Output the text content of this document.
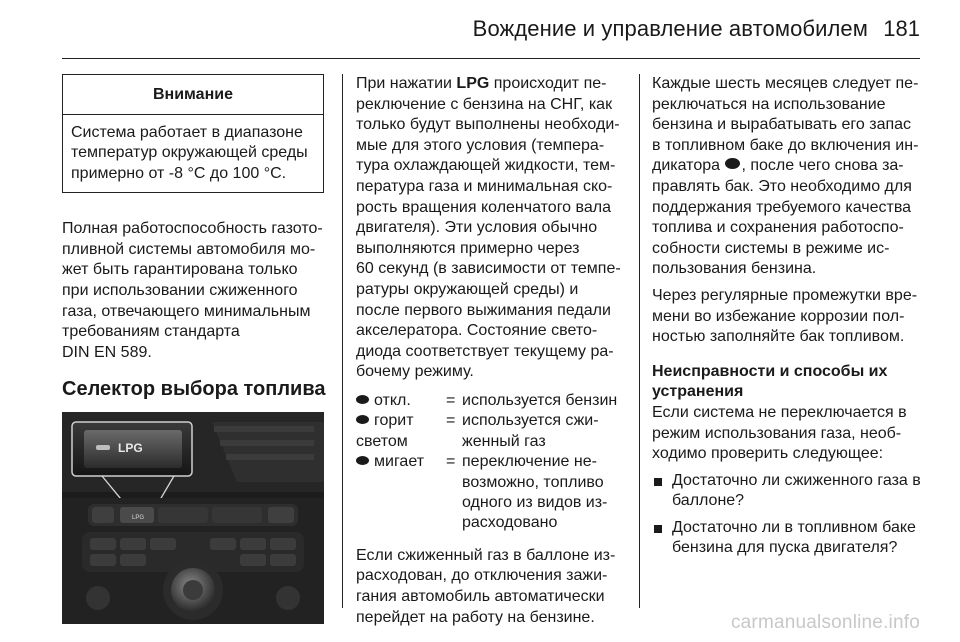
Вождение и управление автомобилем 181
Внимание

Система работает в диапазоне

температур окружающей среды

примерно от -8 °C до 100 °C.

Полная работоспособность газото‐

пливной системы автомобиля мо‐

жет быть гарантирована только

при использовании сжиженного

газа, отвечающего минимальным

требованиям стандарта

DIN EN 589.

Селектор выбора топлива

LPG
LPG

При нажатии LPG происходит пе‐

реключение с бензина на СНГ, как

только будут выполнены необходи‐

мые для этого условия (темпера‐

тура охлаждающей жидкости, тем‐

пература газа и минимальная ско‐

рость вращения коленчатого вала

двигателя). Эти условия обычно

выполняются примерно через

60 секунд (в зависимости от темпе‐

ратуры окружающей среды) и

после первого выжимания педали

акселератора. Состояние свето‐

диода соответствует текущему ра‐

бочему режиму.

откл.	=	используется бензин
горит
светом	=	используется сжи‐
женный газ
мигает	=	переключение не‐
возможно, топливо
одного из видов из‐
расходовано

Если сжиженный газ в баллоне из‐

расходован, до отключения зажи‐

гания автомобиль автоматически

перейдет на работу на бензине.

Каждые шесть месяцев следует пе‐

реключаться на использование

бензина и вырабатывать его запас

в топливном баке до включения ин‐

дикатора , после чего снова за‐

правлять бак. Это необходимо для

поддержания требуемого качества

топлива и сохранения работоспо‐

собности системы в режиме ис‐

пользования бензина.

Через регулярные промежутки вре‐

мени во избежание коррозии пол‐

ностью заполняйте бак топливом.

Неисправности и способы их

устранения

Если система не переключается в

режим использования газа, необ‐

ходимо проверить следующее:

Достаточно ли сжиженного газа в

баллоне?

Достаточно ли в топливном баке

бензина для пуска двигателя?

carmanualsonline.info
